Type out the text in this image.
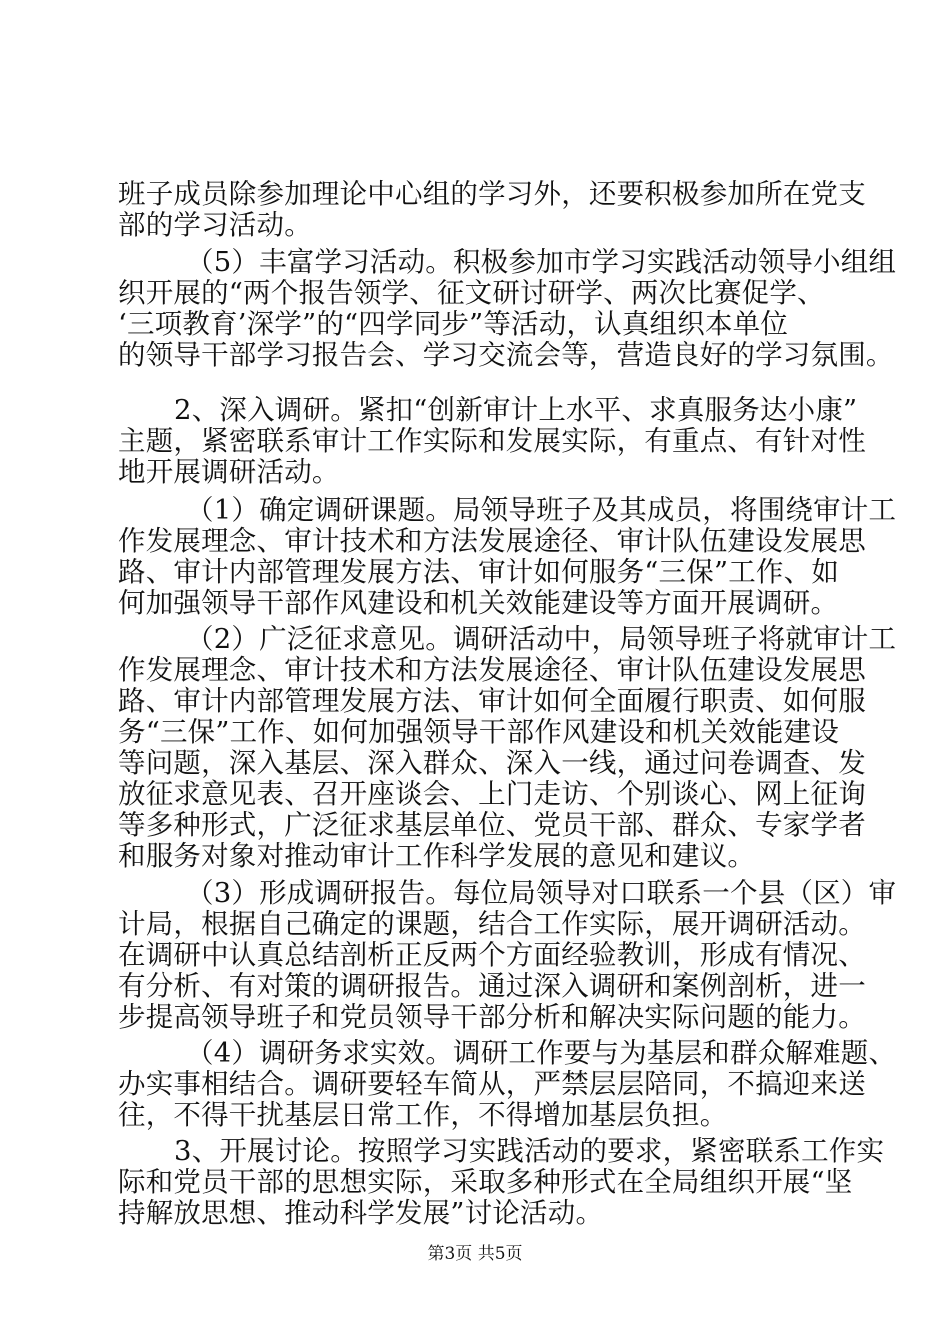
班子成员除参加理论中心组的学习外，还要积极参加所在党支
部的学习活动。
（5）丰富学习活动。积极参加市学习实践活动领导小组组
织开展的“两个报告领学、征文研讨研学、两次比赛促学、
‘三项教育’深学”的“四学同步”等活动，认真组织本单位
的领导干部学习报告会、学习交流会等，营造良好的学习氛围。
2、深入调研。紧扣“创新审计上水平、求真服务达小康”
主题，紧密联系审计工作实际和发展实际，有重点、有针对性
地开展调研活动。
（1）确定调研课题。局领导班子及其成员，将围绕审计工
作发展理念、审计技术和方法发展途径、审计队伍建设发展思
路、审计内部管理发展方法、审计如何服务“三保”工作、如
何加强领导干部作风建设和机关效能建设等方面开展调研。
（2）广泛征求意见。调研活动中，局领导班子将就审计工
作发展理念、审计技术和方法发展途径、审计队伍建设发展思
路、审计内部管理发展方法、审计如何全面履行职责、如何服
务“三保”工作、如何加强领导干部作风建设和机关效能建设
等问题，深入基层、深入群众、深入一线，通过问卷调查、发
放征求意见表、召开座谈会、上门走访、个别谈心、网上征询
等多种形式，广泛征求基层单位、党员干部、群众、专家学者
和服务对象对推动审计工作科学发展的意见和建议。
（3）形成调研报告。每位局领导对口联系一个县（区）审
计局，根据自己确定的课题，结合工作实际，展开调研活动。
在调研中认真总结剖析正反两个方面经验教训，形成有情况、
有分析、有对策的调研报告。通过深入调研和案例剖析，进一
步提高领导班子和党员领导干部分析和解决实际问题的能力。
（4）调研务求实效。调研工作要与为基层和群众解难题、
办实事相结合。调研要轻车简从，严禁层层陪同，不搞迎来送
往，不得干扰基层日常工作，不得增加基层负担。
3、开展讨论。按照学习实践活动的要求，紧密联系工作实
际和党员干部的思想实际，采取多种形式在全局组织开展“坚
持解放思想、推动科学发展”讨论活动。
第3页 共5页
